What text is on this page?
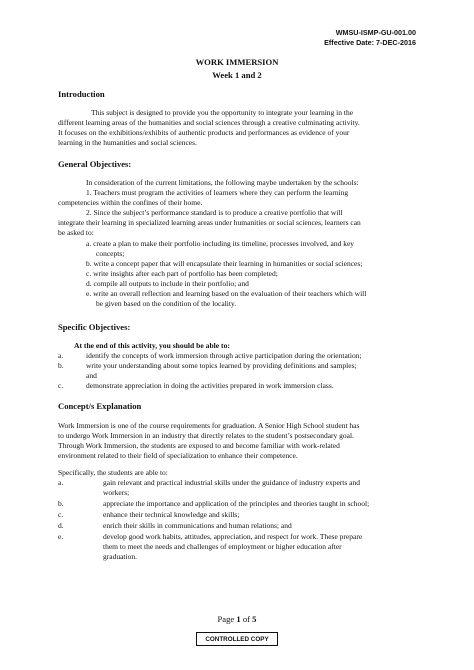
WMSU-ISMP-GU-001.00
Effective Date: 7-DEC-2016
WORK IMMERSION
Week 1 and 2
Introduction
This subject is designed to provide you the opportunity to integrate your learning in the
different learning areas of the humanities and social sciences through a creative culminating activity.
It focuses on the exhibitions/exhibits of authentic products and performances as evidence of your
learning in the humanities and social sciences.
General Objectives:
In consideration of the current limitations, the following maybe undertaken by the schools:
1. Teachers must program the activities of learners where they can perform the learning
competencies within the confines of their home.
2. Since the subject’s performance standard is to produce a creative portfolio that will
integrate their learning in specialized learning areas under humanities or social sciences, learners can
be asked to:
a. create a plan to make their portfolio including its timeline, processes involved, and key
concepts;
b. write a concept paper that will encapsulate their learning in humanities or social sciences;
c. write insights after each part of portfolio has been completed;
d. compile all outputs to include in their portfolio; and
e. write an overall reflection and learning based on the evaluation of their teachers which will
be given based on the condition of the locality.
Specific Objectives:
At the end of this activity, you should be able to:
a.	identify the concepts of work immersion through active participation during the orientation;
b.	write your understanding about some topics learned by providing definitions and samples;
and
c.	demonstrate appreciation in doing the activities prepared in work immersion class.
Concept/s Explanation
Work Immersion is one of the course requirements for graduation. A Senior High School student has
to undergo Work Immersion in an industry that directly relates to the student’s postsecondary goal.
Through Work Immersion, the students are exposed to and become familiar with work-related
environment related to their field of specialization to enhance their competence.
Specifically, the students are able to:
a.	gain relevant and practical industrial skills under the guidance of industry experts and
workers;
b.	appreciate the importance and application of the principles and theories taught in school;
c.	enhance their technical knowledge and skills;
d.	enrich their skills in communications and human relations; and
e.	develop good work habits, attitudes, appreciation, and respect for work. These prepare
them to meet the needs and challenges of employment or higher education after
graduation.
Page 1 of 5
CONTROLLED COPY
